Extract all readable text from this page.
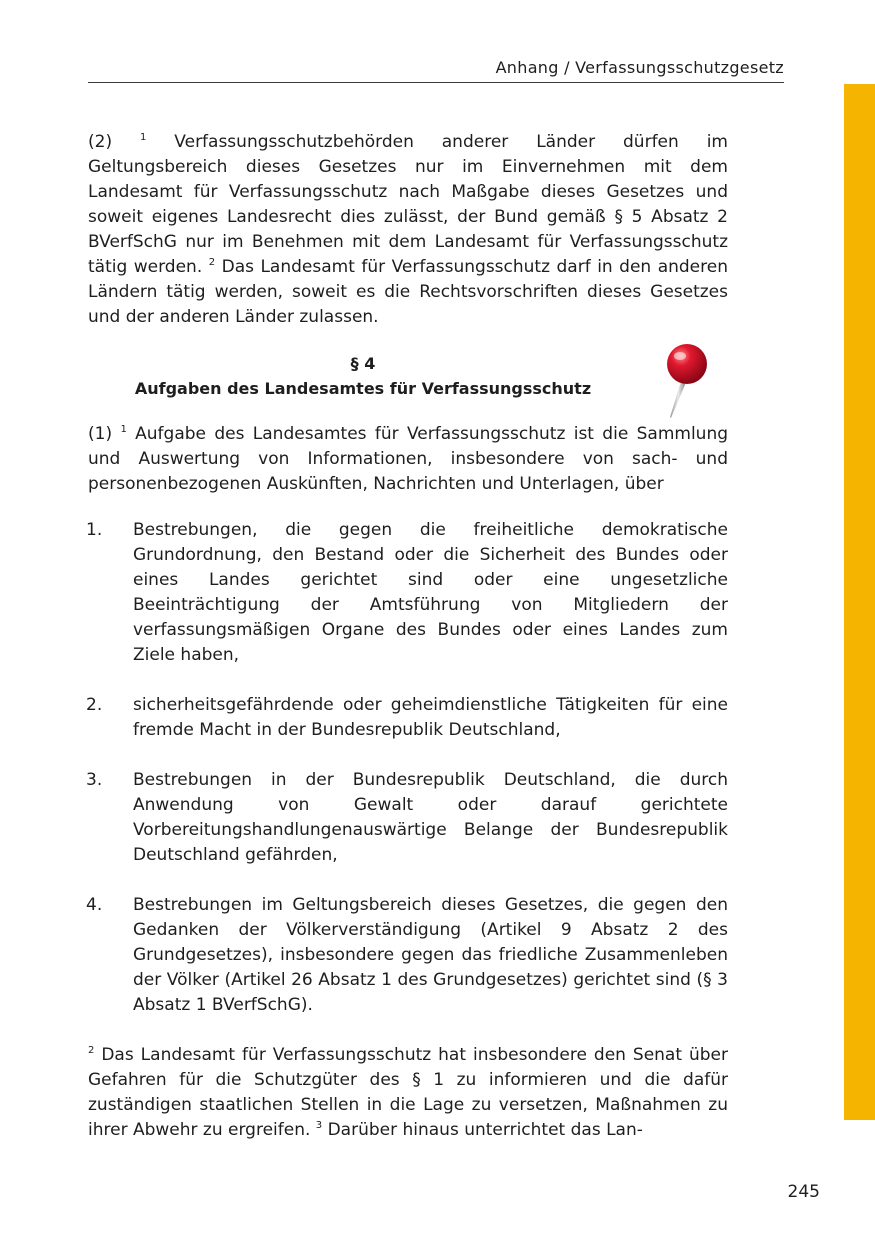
Anhang / Verfassungsschutzgesetz

(2) $^1$ Verfassungsschutzbehörden anderer Länder dürfen im Geltungsbereich dieses Gesetzes nur im Einvernehmen mit dem Landesamt für Verfassungsschutz nach Maßgabe dieses Gesetzes und soweit eigenes Landesrecht dies zulässt, der Bund gemäß § 5 Absatz 2 BVerfSchG nur im Benehmen mit dem Landesamt für Verfassungsschutz tätig werden. $^2$ Das Landesamt für Verfassungsschutz darf in den anderen Ländern tätig werden, soweit es die Rechtsvorschriften dieses Gesetzes und der anderen Länder zulassen.

§ 4
Aufgaben des Landesamtes für Verfassungsschutz

(1) $^1$ Aufgabe des Landesamtes für Verfassungsschutz ist die Sammlung und Auswertung von Informationen, insbesondere von sach- und personenbezogenen Auskünften, Nachrichten und Unterlagen, über

1. Bestrebungen, die gegen die freiheitliche demokratische Grundordnung, den Bestand oder die Sicherheit des Bundes oder eines Landes gerichtet sind oder eine ungesetzliche Beeinträchtigung der Amtsführung von Mitgliedern der verfassungsmäßigen Organe des Bundes oder eines Landes zum Ziele haben,
2. sicherheitsgefährdende oder geheimdienstliche Tätigkeiten für eine fremde Macht in der Bundesrepublik Deutschland,
3. Bestrebungen in der Bundesrepublik Deutschland, die durch Anwendung von Gewalt oder darauf gerichtete Vorbereitungshandlungenauswärtige Belange der Bundesrepublik Deutschland gefährden,
4. Bestrebungen im Geltungsbereich dieses Gesetzes, die gegen den Gedanken der Völkerverständigung (Artikel 9 Absatz 2 des Grundgesetzes), insbesondere gegen das friedliche Zusammenleben der Völker (Artikel 26 Absatz 1 des Grundgesetzes) gerichtet sind (§ 3 Absatz 1 BVerfSchG).

$^2$ Das Landesamt für Verfassungsschutz hat insbesondere den Senat über Gefahren für die Schutzgüter des § 1 zu informieren und die dafür zuständigen staatlichen Stellen in die Lage zu versetzen, Maßnahmen zu ihrer Abwehr zu ergreifen. $^3$ Darüber hinaus unterrichtet das Lan-

245
